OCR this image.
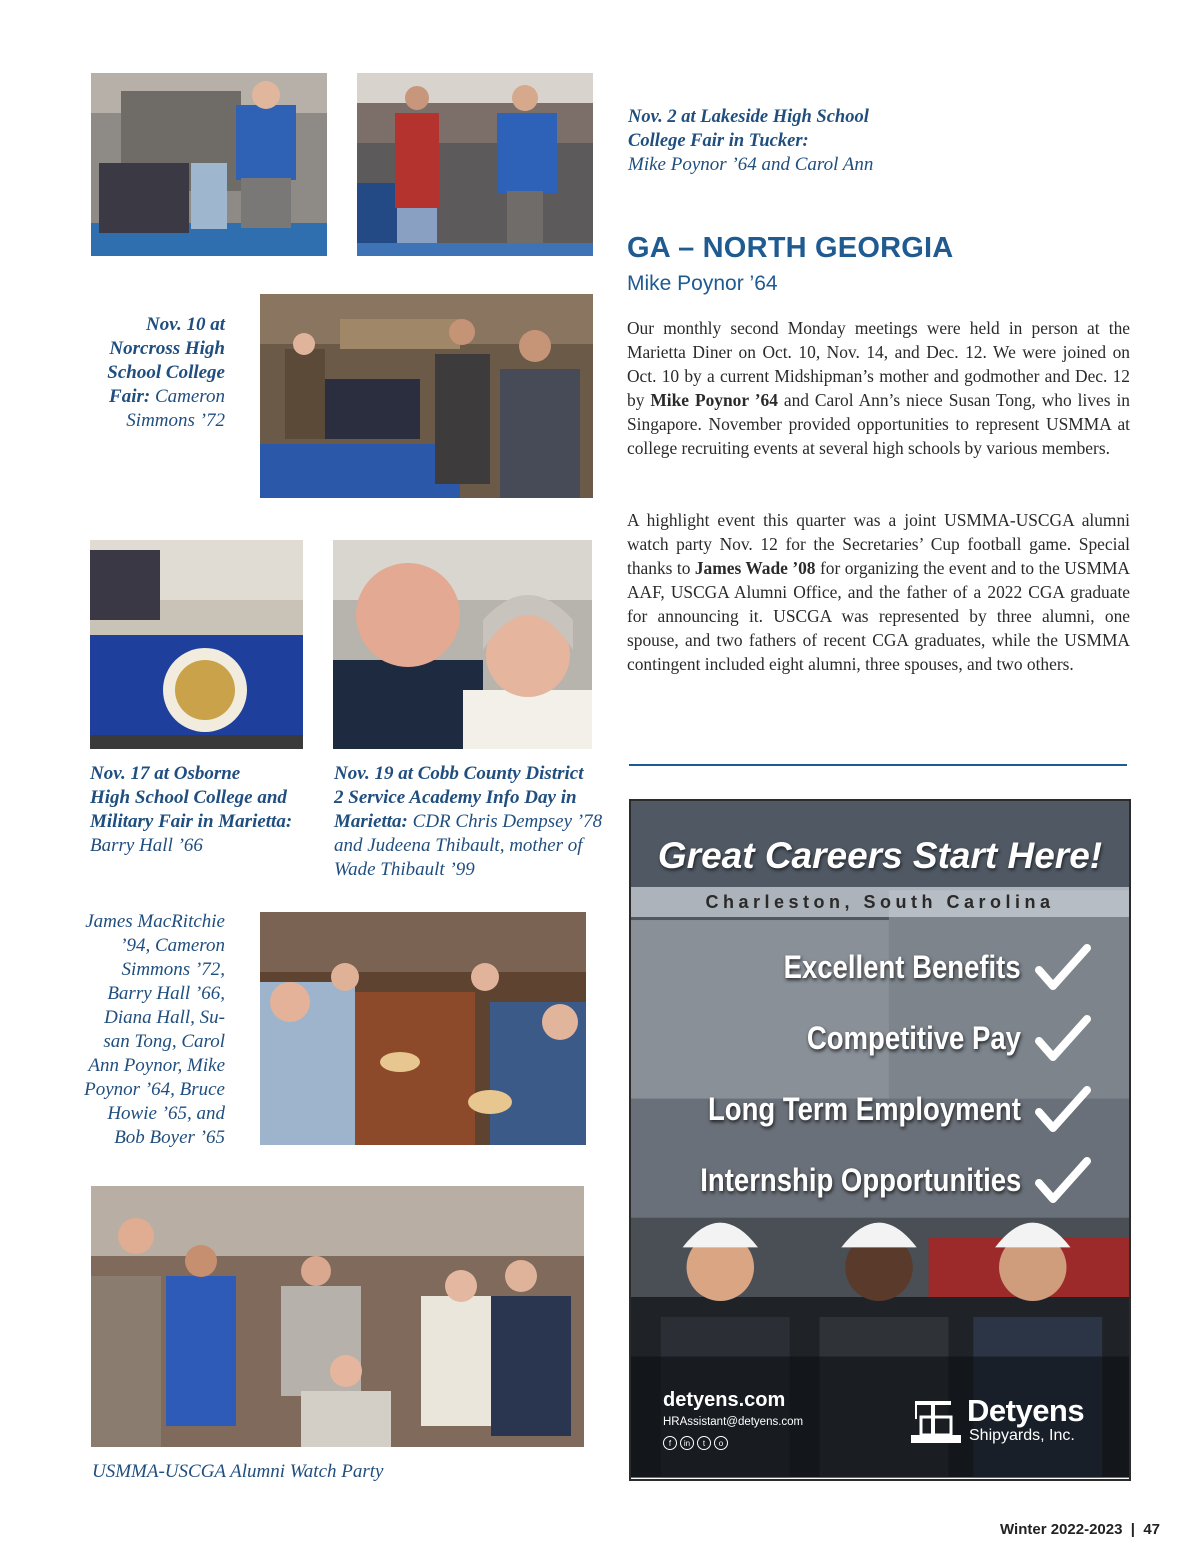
Nov. 2 at Lakeside High School College Fair in Tucker:
Mike Poynor ’64 and Carol Ann
Nov. 10 at
Norcross High
School College
Fair: Cameron
Simmons ’72
Nov. 17 at Osborne
High School College and
Military Fair in Marietta:
Barry Hall ’66
Nov. 19 at Cobb County District
2 Service Academy Info Day in
Marietta: CDR Chris Dempsey ’78
and Judeena Thibault, mother of
Wade Thibault ’99
James MacRitchie
’94, Cameron
Simmons ’72,
Barry Hall ’66,
Diana Hall, Su-
san Tong, Carol
Ann Poynor, Mike
Poynor ’64, Bruce
Howie ’65, and
Bob Boyer ’65
USMMA-USCGA Alumni Watch Party
GA – NORTH GEORGIA
Mike Poynor ’64
Our monthly second Monday meetings were held in person at the Marietta Diner on Oct. 10, Nov. 14, and Dec. 12. We were joined on Oct. 10 by a current Midshipman’s mother and godmother and Dec. 12 by Mike Poynor ’64 and Carol Ann’s niece Susan Tong, who lives in Singapore. November provided opportunities to represent USMMA at college recruiting events at several high schools by various members.
A highlight event this quarter was a joint USMMA-USCGA alumni watch party Nov. 12 for the Secretaries’ Cup football game. Special thanks to James Wade ’08 for organizing the event and to the USMMA AAF, USCGA Alumni Office, and the father of a 2022 CGA graduate for announcing it. USCGA was represented by three alumni, one spouse, and two fathers of recent CGA graduates, while the USMMA contingent included eight alumni, three spouses, and two others.
Great Careers Start Here!
Charleston, South Carolina
Excellent Benefits
Competitive Pay
Long Term Employment
Internship Opportunities
detyens.com
HRAssistant@detyens.com
f	in	t	o
Detyens
Shipyards, Inc.
Winter 2022-2023  |  47
